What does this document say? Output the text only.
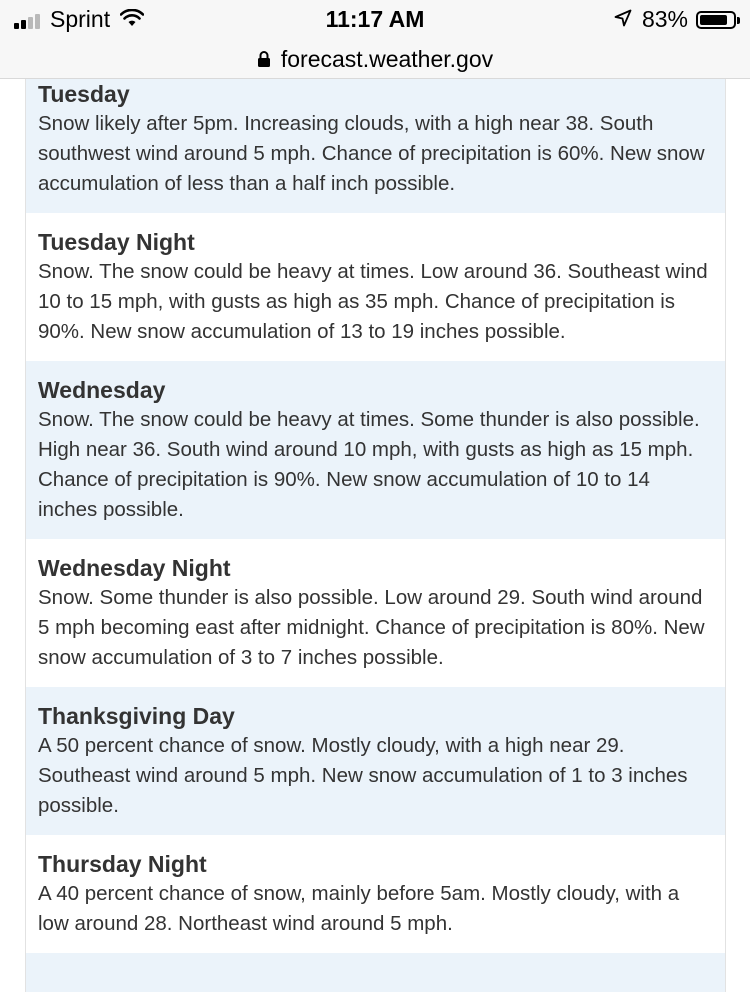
Sprint	11:17 AM	83%
forecast.weather.gov
Tuesday
Snow likely after 5pm. Increasing clouds, with a high near 38. South southwest wind around 5 mph. Chance of precipitation is 60%. New snow accumulation of less than a half inch possible.
Tuesday Night
Snow. The snow could be heavy at times. Low around 36. Southeast wind 10 to 15 mph, with gusts as high as 35 mph. Chance of precipitation is 90%. New snow accumulation of 13 to 19 inches possible.
Wednesday
Snow. The snow could be heavy at times. Some thunder is also possible. High near 36. South wind around 10 mph, with gusts as high as 15 mph. Chance of precipitation is 90%. New snow accumulation of 10 to 14 inches possible.
Wednesday Night
Snow. Some thunder is also possible. Low around 29. South wind around 5 mph becoming east after midnight. Chance of precipitation is 80%. New snow accumulation of 3 to 7 inches possible.
Thanksgiving Day
A 50 percent chance of snow. Mostly cloudy, with a high near 29. Southeast wind around 5 mph. New snow accumulation of 1 to 3 inches possible.
Thursday Night
A 40 percent chance of snow, mainly before 5am. Mostly cloudy, with a low around 28. Northeast wind around 5 mph.
